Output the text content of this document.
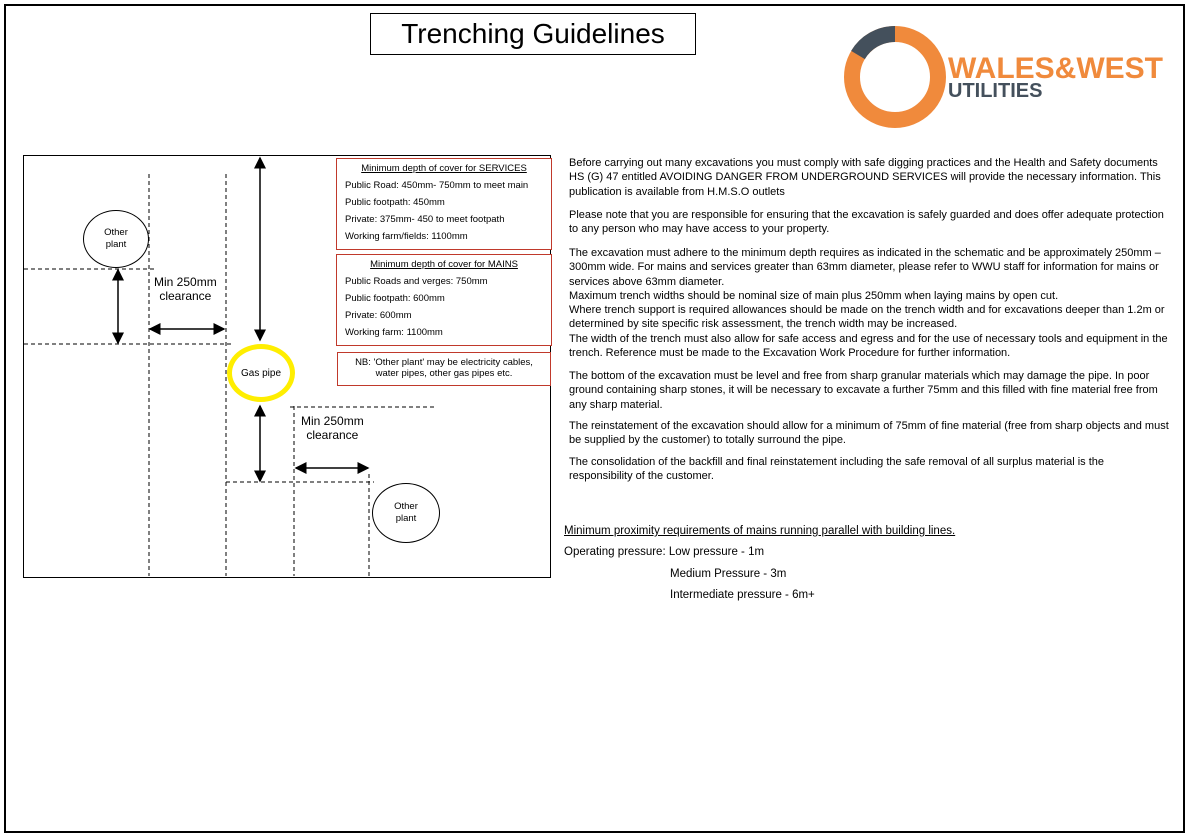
Trenching Guidelines
WALES&WEST
UTILITIES
Other
plant
Other
plant
Min 250mm
clearance
Min 250mm
clearance
Gas pipe
Minimum depth of cover for SERVICES
Public Road: 450mm- 750mm to meet main
Public footpath: 450mm
Private: 375mm- 450 to meet footpath
Working farm/fields: 1100mm
Minimum depth of cover for MAINS
Public Roads and verges: 750mm
Public footpath: 600mm
Private: 600mm
Working farm: 1100mm
NB: 'Other plant' may be electricity cables,
water pipes, other gas pipes etc.

Before carrying out many excavations you must comply with safe digging practices and the Health and Safety documents HS (G) 47 entitled AVOIDING DANGER FROM UNDERGROUND SERVICES will provide the necessary information. This publication is available from H.M.S.O outlets

Please note that you are responsible for ensuring that the excavation is safely guarded and does offer adequate protection to any person who may have access to your property.

The excavation must adhere to the minimum depth requires as indicated in the schematic and be approximately 250mm – 300mm wide. For mains and services greater than 63mm diameter, please refer to WWU staff for information for mains or services above 63mm diameter.

Maximum trench widths should be nominal size of main plus 250mm when laying mains by open cut.

Where trench support is required allowances should be made on the trench width and for excavations deeper than 1.2m or determined by site specific risk assessment, the trench width may be increased.

The width of the trench must also allow for safe access and egress and for the use of necessary tools and equipment in the trench. Reference must be made to the Excavation Work Procedure for further information.

The bottom of the excavation must be level and free from sharp granular materials which may damage the pipe. In poor ground containing sharp stones, it will be necessary to excavate a further 75mm and this filled with fine material free from any sharp material.

The reinstatement of the excavation should allow for a minimum of 75mm of fine material (free from sharp objects and must be supplied by the customer) to totally surround the pipe.

The consolidation of the backfill and final reinstatement including the safe removal of all surplus material is the responsibility of the customer.

Minimum proximity requirements of mains running parallel with building lines.
Operating pressure: Low pressure - 1m
Medium Pressure - 3m
Intermediate pressure - 6m+
